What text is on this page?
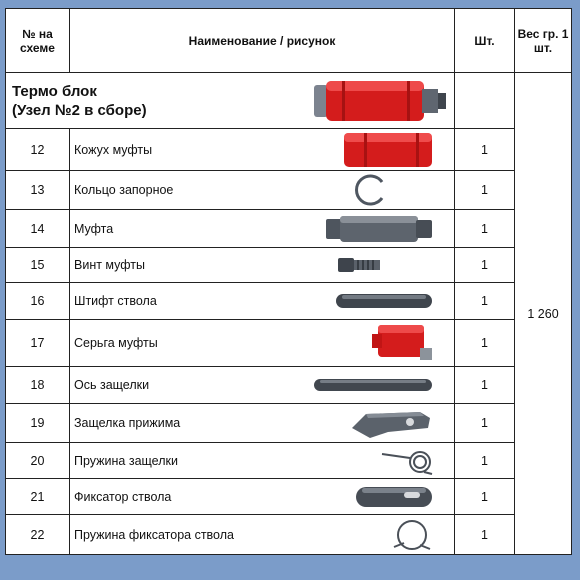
№ на схеме	Наименование / рисунок	Шт.	Вес гр. 1 шт.

Термо блок
(Узел №2 в сборе)			1 260
12	Кожух муфты	1	
13	Кольцо запорное	1	
14	Муфта	1	
15	Винт муфты	1	
16	Штифт ствола	1	
17	Серьга муфты	1	
18	Ось защелки	1	
19	Защелка прижима	1	
20	Пружина защелки	1	
21	Фиксатор ствола	1	
22	Пружина фиксатора ствола	1	
